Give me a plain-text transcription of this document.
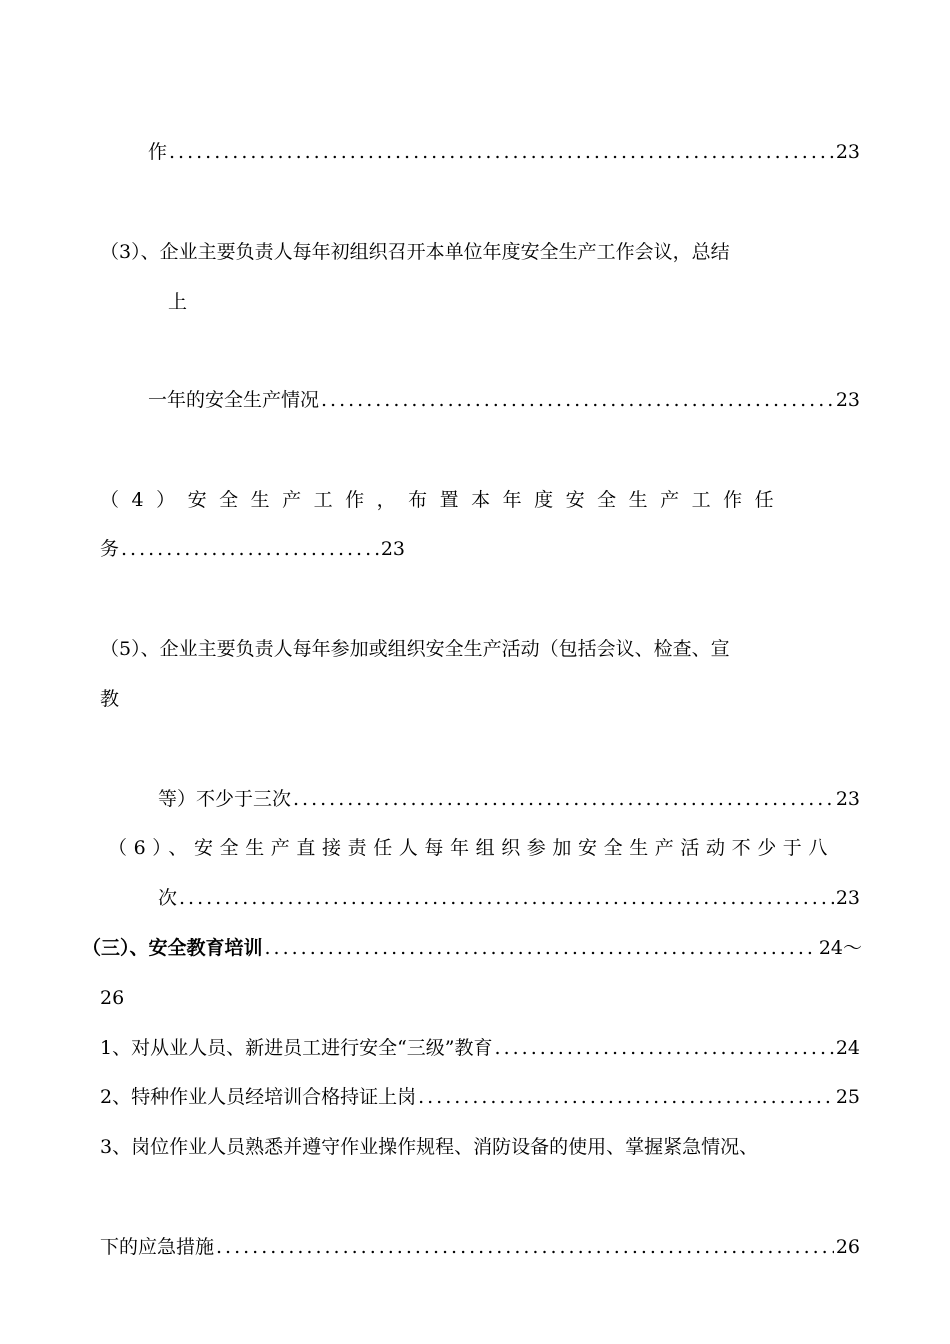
作 .....	23
（3）、企业主要负责人每年初组织召开本单位年度安全生产工作会议，总结
上
一年的安全生产情况 .....	23
（4）安全生产工作，布置本年度安全生产工作任
务 .....	23
（5）、企业主要负责人每年参加或组织安全生产活动（包括会议、检查、宣
教
等）不少于三次 .....	23
（6）、安全生产直接责任人每年组织参加安全生产活动不少于八
次 .....	23
（三）、安全教育培训 .....	24～
26
1、对从业人员、新进员工进行安全“三级”教育 .....	24
2、特种作业人员经培训合格持证上岗 .....	25
3、岗位作业人员熟悉并遵守作业操作规程、消防设备的使用、掌握紧急情况、
下的应急措施 .....	26
